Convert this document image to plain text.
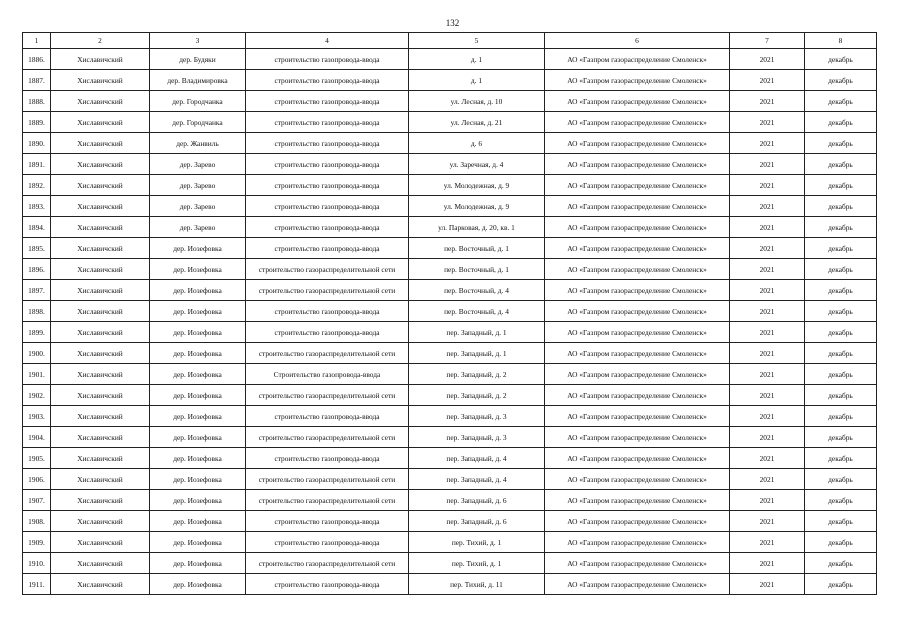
132
1	2	3	4	5	6	7	8
1886.	Хиславичский	дер. Будяки	строительство газопровода-ввода	д. 1	АО «Газпром газораспределение Смоленск»	2021	декабрь
1887.	Хиславичский	дер. Владимировка	строительство газопровода-ввода	д. 1	АО «Газпром газораспределение Смоленск»	2021	декабрь
1888.	Хиславичский	дер. Городчанка	строительство газопровода-ввода	ул. Лесная, д. 10	АО «Газпром газораспределение Смоленск»	2021	декабрь
1889.	Хиславичский	дер. Городчанка	строительство газопровода-ввода	ул. Лесная, д. 21	АО «Газпром газораспределение Смоленск»	2021	декабрь
1890.	Хиславичский	дер. Жанвиль	строительство газопровода-ввода	д. 6	АО «Газпром газораспределение Смоленск»	2021	декабрь
1891.	Хиславичский	дер. Зарево	строительство газопровода-ввода	ул. Заречная, д. 4	АО «Газпром газораспределение Смоленск»	2021	декабрь
1892.	Хиславичский	дер. Зарево	строительство газопровода-ввода	ул. Молодежная, д. 9	АО «Газпром газораспределение Смоленск»	2021	декабрь
1893.	Хиславичский	дер. Зарево	строительство газопровода-ввода	ул. Молодежная, д. 9	АО «Газпром газораспределение Смоленск»	2021	декабрь
1894.	Хиславичский	дер. Зарево	строительство газопровода-ввода	ул. Парковая, д. 20, кв. 1	АО «Газпром газораспределение Смоленск»	2021	декабрь
1895.	Хиславичский	дер. Иозефовка	строительство газопровода-ввода	пер. Восточный, д. 1	АО «Газпром газораспределение Смоленск»	2021	декабрь
1896.	Хиславичский	дер. Иозефовка	строительство газораспределительной сети	пер. Восточный, д. 1	АО «Газпром газораспределение Смоленск»	2021	декабрь
1897.	Хиславичский	дер. Иозефовка	строительство газораспределительной сети	пер. Восточный, д. 4	АО «Газпром газораспределение Смоленск»	2021	декабрь
1898.	Хиславичский	дер. Иозефовка	строительство газопровода-ввода	пер. Восточный, д. 4	АО «Газпром газораспределение Смоленск»	2021	декабрь
1899.	Хиславичский	дер. Иозефовка	строительство газопровода-ввода	пер. Западный, д. 1	АО «Газпром газораспределение Смоленск»	2021	декабрь
1900.	Хиславичский	дер. Иозефовка	строительство газораспределительной сети	пер. Западный, д. 1	АО «Газпром газораспределение Смоленск»	2021	декабрь
1901.	Хиславичский	дер. Иозефовка	Строительство газопровода-ввода	пер. Западный, д. 2	АО «Газпром газораспределение Смоленск»	2021	декабрь
1902.	Хиславичский	дер. Иозефовка	строительство газораспределительной сети	пер. Западный, д. 2	АО «Газпром газораспределение Смоленск»	2021	декабрь
1903.	Хиславичский	дер. Иозефовка	строительство газопровода-ввода	пер. Западный, д. 3	АО «Газпром газораспределение Смоленск»	2021	декабрь
1904.	Хиславичский	дер. Иозефовка	строительство газораспределительной сети	пер. Западный, д. 3	АО «Газпром газораспределение Смоленск»	2021	декабрь
1905.	Хиславичский	дер. Иозефовка	строительство газопровода-ввода	пер. Западный, д. 4	АО «Газпром газораспределение Смоленск»	2021	декабрь
1906.	Хиславичский	дер. Иозефовка	строительство газораспределительной сети	пер. Западный, д. 4	АО «Газпром газораспределение Смоленск»	2021	декабрь
1907.	Хиславичский	дер. Иозефовка	строительство газораспределительной сети	пер. Западный, д. 6	АО «Газпром газораспределение Смоленск»	2021	декабрь
1908.	Хиславичский	дер. Иозефовка	строительство газопровода-ввода	пер. Западный, д. 6	АО «Газпром газораспределение Смоленск»	2021	декабрь
1909.	Хиславичский	дер. Иозефовка	строительство газопровода-ввода	пер. Тихий, д. 1	АО «Газпром газораспределение Смоленск»	2021	декабрь
1910.	Хиславичский	дер. Иозефовка	строительство газораспределительной сети	пер. Тихий, д. 1	АО «Газпром газораспределение Смоленск»	2021	декабрь
1911.	Хиславичский	дер. Иозефовка	строительство газопровода-ввода	пер. Тихий, д. 11	АО «Газпром газораспределение Смоленск»	2021	декабрь
